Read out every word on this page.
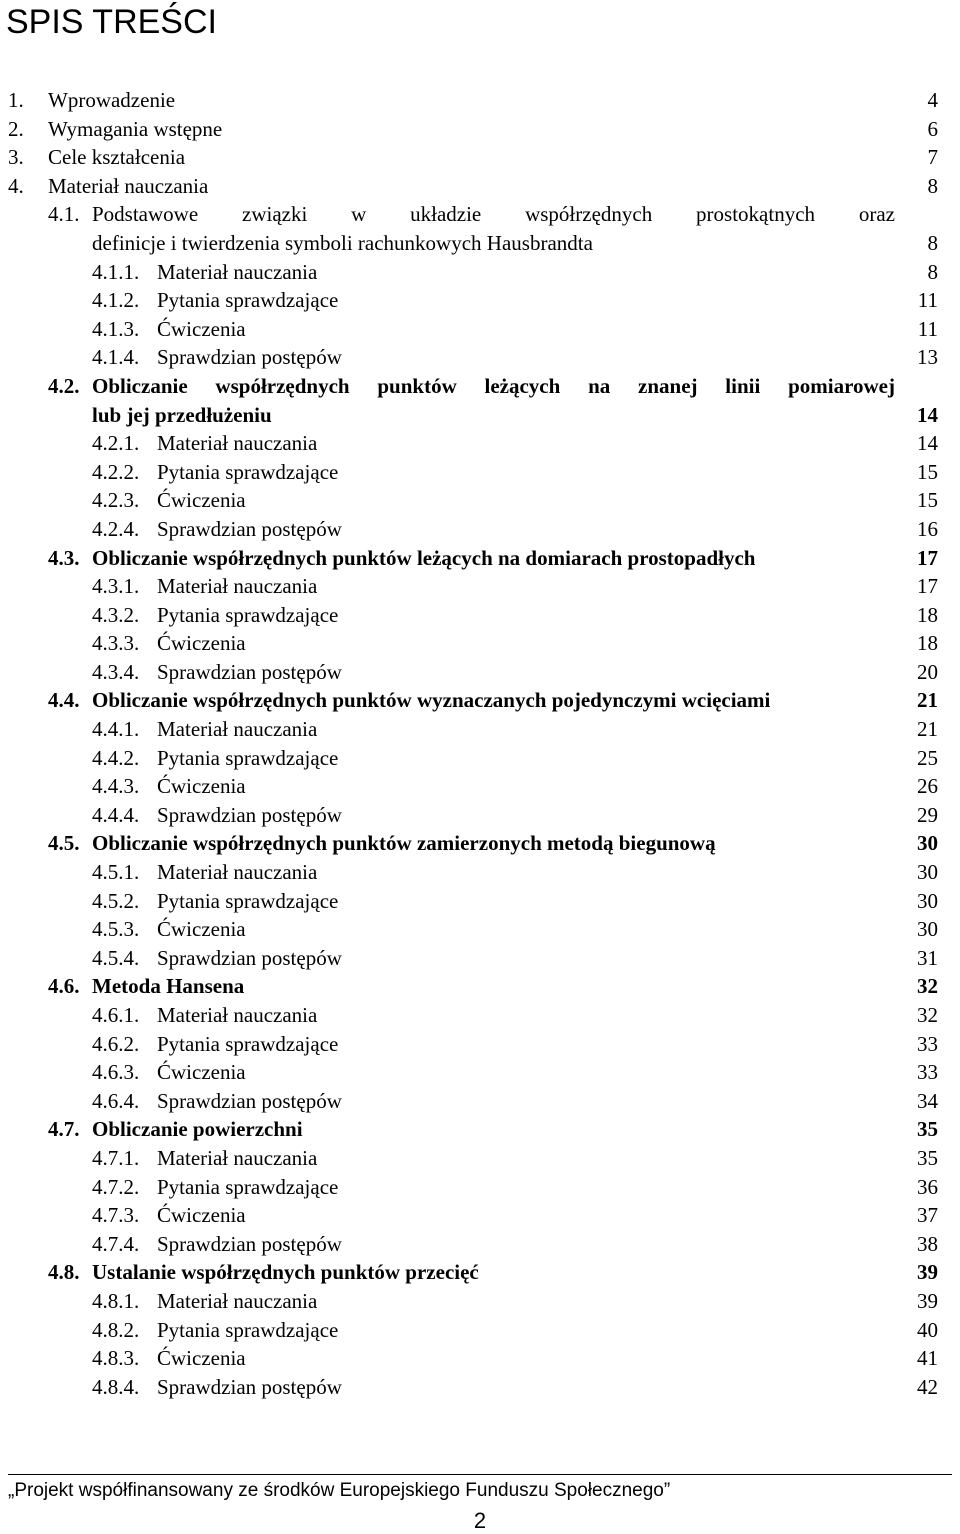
SPIS TREŚCI
1. Wprowadzenie	4
2. Wymagania wstępne	6
3. Cele kształcenia	7
4. Materiał nauczania	8
4.1. Podstawowe związki w układzie współrzędnych prostokątnych oraz
definicje i twierdzenia symboli rachunkowych Hausbrandta	8
4.1.1. Materiał nauczania	8
4.1.2. Pytania sprawdzające	11
4.1.3. Ćwiczenia	11
4.1.4. Sprawdzian postępów	13
4.2. Obliczanie współrzędnych punktów leżących na znanej linii pomiarowej
lub jej przedłużeniu	14
4.2.1. Materiał nauczania	14
4.2.2. Pytania sprawdzające	15
4.2.3. Ćwiczenia	15
4.2.4. Sprawdzian postępów	16
4.3. Obliczanie współrzędnych punktów leżących na domiarach prostopadłych	17
4.3.1. Materiał nauczania	17
4.3.2. Pytania sprawdzające	18
4.3.3. Ćwiczenia	18
4.3.4. Sprawdzian postępów	20
4.4. Obliczanie współrzędnych punktów wyznaczanych pojedynczymi wcięciami	21
4.4.1. Materiał nauczania	21
4.4.2. Pytania sprawdzające	25
4.4.3. Ćwiczenia	26
4.4.4. Sprawdzian postępów	29
4.5. Obliczanie współrzędnych punktów zamierzonych metodą biegunową	30
4.5.1. Materiał nauczania	30
4.5.2. Pytania sprawdzające	30
4.5.3. Ćwiczenia	30
4.5.4. Sprawdzian postępów	31
4.6. Metoda Hansena	32
4.6.1. Materiał nauczania	32
4.6.2. Pytania sprawdzające	33
4.6.3. Ćwiczenia	33
4.6.4. Sprawdzian postępów	34
4.7. Obliczanie powierzchni	35
4.7.1. Materiał nauczania	35
4.7.2. Pytania sprawdzające	36
4.7.3. Ćwiczenia	37
4.7.4. Sprawdzian postępów	38
4.8. Ustalanie współrzędnych punktów przecięć	39
4.8.1. Materiał nauczania	39
4.8.2. Pytania sprawdzające	40
4.8.3. Ćwiczenia	41
4.8.4. Sprawdzian postępów	42
„Projekt współfinansowany ze środków Europejskiego Funduszu Społecznego”
2
